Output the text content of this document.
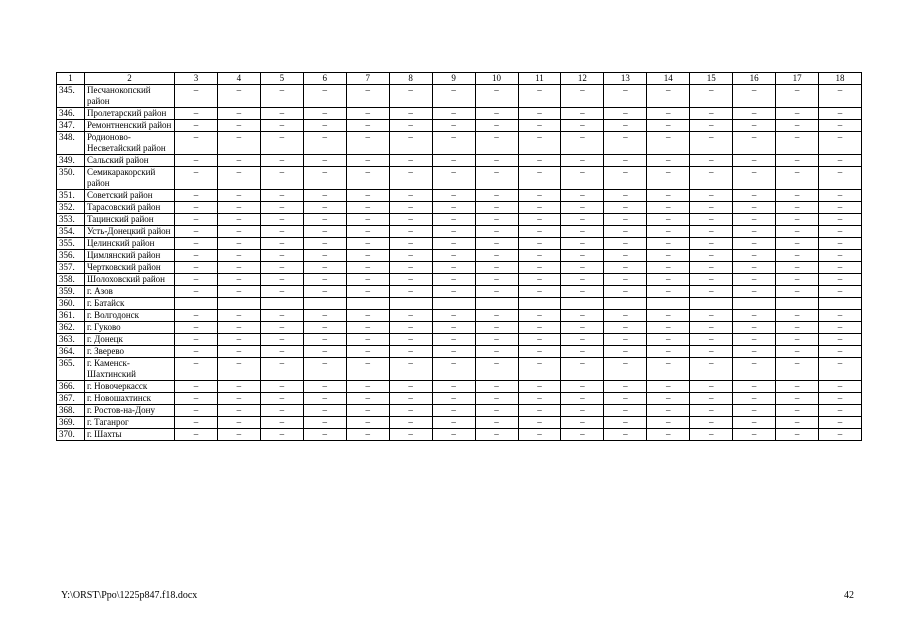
1	2	3	4	5	6	7	8	9	10	11	12	13	14	15	16	17	18
345.	Песчанокопский район	–	–	–	–	–	–	–	–	–	–	–	–	–	–	–	–
346.	Пролетарский район	–	–	–	–	–	–	–	–	–	–	–	–	–	–	–	–
347.	Ремонтненский район	–	–	–	–	–	–	–	–	–	–	–	–	–	–	–	–
348.	Родионово-Несветайский район	–	–	–	–	–	–	–	–	–	–	–	–	–	–	–	–
349.	Сальский район	–	–	–	–	–	–	–	–	–	–	–	–	–	–	–	–
350.	Семикаракорский район	–	–	–	–	–	–	–	–	–	–	–	–	–	–	–	–
351.	Советский район	–	–	–	–	–	–	–	–	–	–	–	–	–	–	–	–
352.	Тарасовский район	–	–	–	–	–	–	–	–	–	–	–	–	–	–	–	–
353.	Тацинский район	–	–	–	–	–	–	–	–	–	–	–	–	–	–	–	–
354.	Усть-Донецкий район	–	–	–	–	–	–	–	–	–	–	–	–	–	–	–	–
355.	Целинский район	–	–	–	–	–	–	–	–	–	–	–	–	–	–	–	–
356.	Цимлянский район	–	–	–	–	–	–	–	–	–	–	–	–	–	–	–	–
357.	Чертковский район	–	–	–	–	–	–	–	–	–	–	–	–	–	–	–	–
358.	Шолоховский район	–	–	–	–	–	–	–	–	–	–	–	–	–	–	–	–
359.	г. Азов	–	–	–	–	–	–	–	–	–	–	–	–	–	–	–	–
360.	г. Батайск																
361.	г. Волгодонск	–	–	–	–	–	–	–	–	–	–	–	–	–	–	–	–
362.	г. Гуково	–	–	–	–	–	–	–	–	–	–	–	–	–	–	–	–
363.	г. Донецк	–	–	–	–	–	–	–	–	–	–	–	–	–	–	–	–
364.	г. Зверево	–	–	–	–	–	–	–	–	–	–	–	–	–	–	–	–
365.	г. Каменск-Шахтинский	–	–	–	–	–	–	–	–	–	–	–	–	–	–	–	–
366.	г. Новочеркасск	–	–	–	–	–	–	–	–	–	–	–	–	–	–	–	–
367.	г. Новошахтинск	–	–	–	–	–	–	–	–	–	–	–	–	–	–	–	–
368.	г. Ростов-на-Дону	–	–	–	–	–	–	–	–	–	–	–	–	–	–	–	–
369.	г. Таганрог	–	–	–	–	–	–	–	–	–	–	–	–	–	–	–	–
370.	г. Шахты	–	–	–	–	–	–	–	–	–	–	–	–	–	–	–	–
Y:\ORST\Ppo\1225p847.f18.docx	42
